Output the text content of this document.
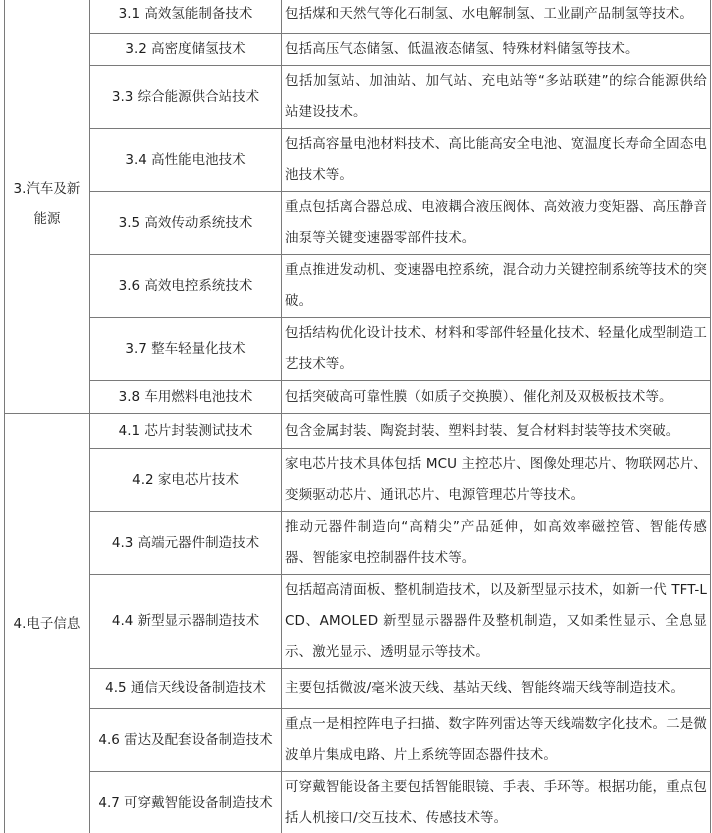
3.汽车及新能源	3.1 高效氢能制备技术	包括煤和天然气等化石制氢、水电解制氢、工业副产品制氢等技术。
	3.2 高密度储氢技术	包括高压气态储氢、低温液态储氢、特殊材料储氢等技术。
	3.3 综合能源供合站技术	包括加氢站、加油站、加气站、充电站等“多站联建”的综合能源供给站建设技术。
	3.4 高性能电池技术	包括高容量电池材料技术、高比能高安全电池、宽温度长寿命全固态电池技术等。
	3.5 高效传动系统技术	重点包括离合器总成、电液耦合液压阀体、高效液力变矩器、高压静音油泵等关键变速器零部件技术。
	3.6 高效电控系统技术	重点推进发动机、变速器电控系统，混合动力关键控制系统等技术的突破。
	3.7 整车轻量化技术	包括结构优化设计技术、材料和零部件轻量化技术、轻量化成型制造工艺技术等。
	3.8 车用燃料电池技术	包括突破高可靠性膜（如质子交换膜）、催化剂及双极板技术等。
4.电子信息	4.1 芯片封装测试技术	包含金属封装、陶瓷封装、塑料封装、复合材料封装等技术突破。
	4.2 家电芯片技术	家电芯片技术具体包括 MCU 主控芯片、图像处理芯片、物联网芯片、变频驱动芯片、通讯芯片、电源管理芯片等技术。
	4.3 高端元器件制造技术	推动元器件制造向“高精尖”产品延伸，如高效率磁控管、智能传感器、智能家电控制器件技术等。
	4.4 新型显示器制造技术	包括超高清面板、整机制造技术，以及新型显示技术，如新一代 TFT-LCD、AMOLED 新型显示器器件及整机制造，又如柔性显示、全息显示、激光显示、透明显示等技术。
	4.5 通信天线设备制造技术	主要包括微波/毫米波天线、基站天线、智能终端天线等制造技术。
	4.6 雷达及配套设备制造技术	重点一是相控阵电子扫描、数字阵列雷达等天线端数字化技术。二是微波单片集成电路、片上系统等固态器件技术。
	4.7 可穿戴智能设备制造技术	可穿戴智能设备主要包括智能眼镜、手表、手环等。根据功能，重点包括人机接口/交互技术、传感技术等。
